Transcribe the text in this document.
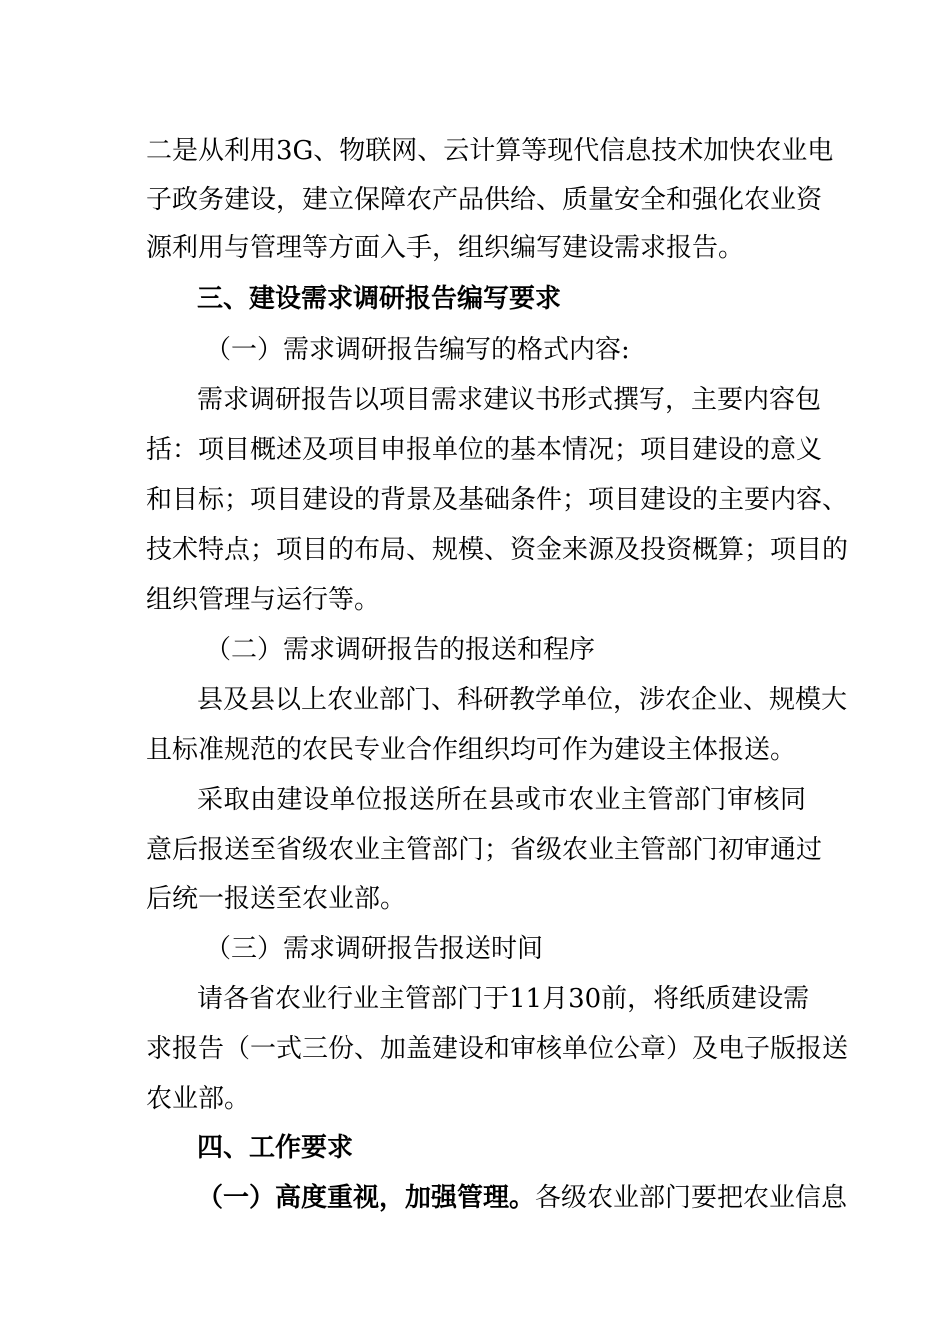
二是从利用3G、物联网、云计算等现代信息技术加快农业电
子政务建设，建立保障农产品供给、质量安全和强化农业资
源利用与管理等方面入手，组织编写建设需求报告。
三、建设需求调研报告编写要求
（一）需求调研报告编写的格式内容:
需求调研报告以项目需求建议书形式撰写，主要内容包
括：项目概述及项目申报单位的基本情况；项目建设的意义
和目标；项目建设的背景及基础条件；项目建设的主要内容、
技术特点；项目的布局、规模、资金来源及投资概算；项目的
组织管理与运行等。
（二）需求调研报告的报送和程序
县及县以上农业部门、科研教学单位，涉农企业、规模大
且标准规范的农民专业合作组织均可作为建设主体报送。
采取由建设单位报送所在县或市农业主管部门审核同
意后报送至省级农业主管部门；省级农业主管部门初审通过
后统一报送至农业部。
（三）需求调研报告报送时间
请各省农业行业主管部门于11月30前，将纸质建设需
求报告（一式三份、加盖建设和审核单位公章）及电子版报送
农业部。
四、工作要求
（一）高度重视，加强管理。各级农业部门要把农业信息
